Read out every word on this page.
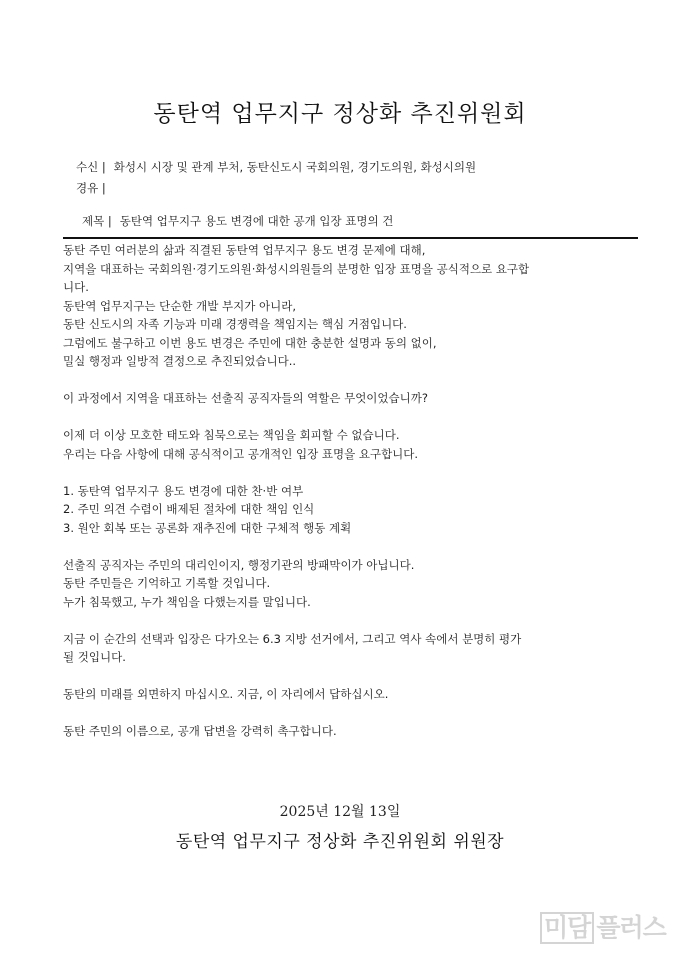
동탄역 업무지구 정상화 추진위원회
수신 | 화성시 시장 및 관계 부처, 동탄신도시 국회의원, 경기도의원, 화성시의원
경유 |
제목 | 동탄역 업무지구 용도 변경에 대한 공개 입장 표명의 건

동탄 주민 여러분의 삶과 직결된 동탄역 업무지구 용도 변경 문제에 대해,

지역을 대표하는 국회의원·경기도의원·화성시의원들의 분명한 입장 표명을 공식적으로 요구합

니다.

동탄역 업무지구는 단순한 개발 부지가 아니라,

동탄 신도시의 자족 기능과 미래 경쟁력을 책임지는 핵심 거점입니다.

그럼에도 불구하고 이번 용도 변경은 주민에 대한 충분한 설명과 동의 없이,

밀실 행정과 일방적 결정으로 추진되었습니다..

이 과정에서 지역을 대표하는 선출직 공직자들의 역할은 무엇이었습니까?

이제 더 이상 모호한 태도와 침묵으로는 책임을 회피할 수 없습니다.

우리는 다음 사항에 대해 공식적이고 공개적인 입장 표명을 요구합니다.

1. 동탄역 업무지구 용도 변경에 대한 찬·반 여부

2. 주민 의견 수렴이 배제된 절차에 대한 책임 인식

3. 원안 회복 또는 공론화 재추진에 대한 구체적 행동 계획

선출직 공직자는 주민의 대리인이지, 행정기관의 방패막이가 아닙니다.

동탄 주민들은 기억하고 기록할 것입니다.

누가 침묵했고, 누가 책임을 다했는지를 말입니다.

지금 이 순간의 선택과 입장은 다가오는 6.3 지방 선거에서, 그리고 역사 속에서 분명히 평가

될 것입니다.

동탄의 미래를 외면하지 마십시오. 지금, 이 자리에서 답하십시오.

동탄 주민의 이름으로, 공개 답변을 강력히 촉구합니다.

2025년 12월 13일
동탄역 업무지구 정상화 추진위원회 위원장
미담 플러스
